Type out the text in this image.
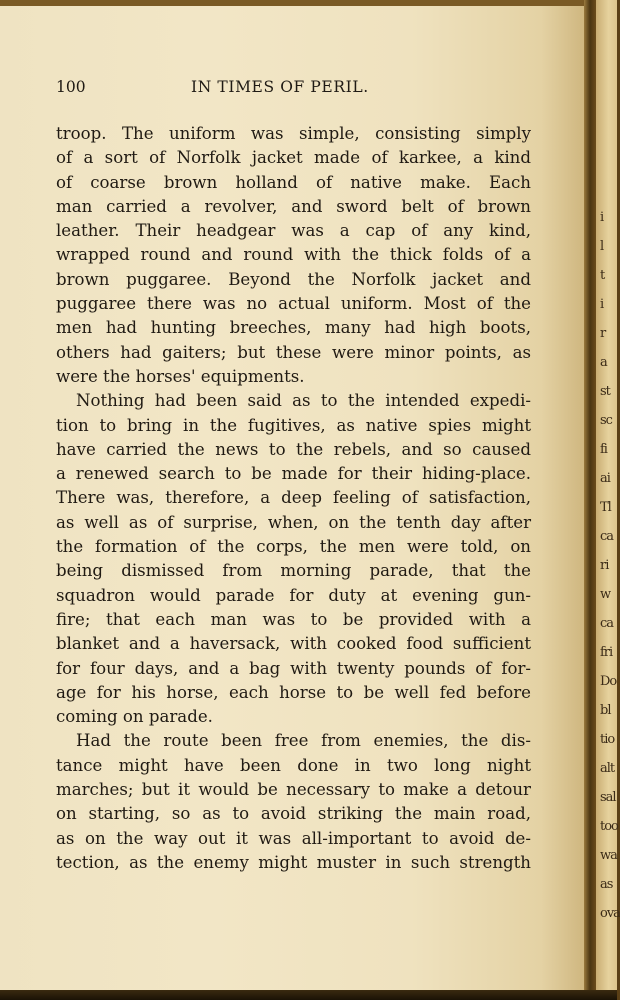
i
l
t
i
r
a
st
sc
fi
ai
Tl
ca
ri
w
ca
fri
Do
bl
tio
alt
sal
too
wa
as
ova
100	IN TIMES OF PERIL.
troop. The uniform was simple, consisting simply
of a sort of Norfolk jacket made of karkee, a kind
of coarse brown holland of native make. Each
man carried a revolver, and sword belt of brown
leather. Their headgear was a cap of any kind,
wrapped round and round with the thick folds of a
brown puggaree. Beyond the Norfolk jacket and
puggaree there was no actual uniform. Most of the
men had hunting breeches, many had high boots,
others had gaiters; but these were minor points, as
were the horses' equipments.
Nothing had been said as to the intended expedi-
tion to bring in the fugitives, as native spies might
have carried the news to the rebels, and so caused
a renewed search to be made for their hiding-place.
There was, therefore, a deep feeling of satisfaction,
as well as of surprise, when, on the tenth day after
the formation of the corps, the men were told, on
being dismissed from morning parade, that the
squadron would parade for duty at evening gun-
fire; that each man was to be provided with a
blanket and a haversack, with cooked food sufficient
for four days, and a bag with twenty pounds of for-
age for his horse, each horse to be well fed before
coming on parade.
Had the route been free from enemies, the dis-
tance might have been done in two long night
marches; but it would be necessary to make a detour
on starting, so as to avoid striking the main road,
as on the way out it was all-important to avoid de-
tection, as the enemy might muster in such strength
